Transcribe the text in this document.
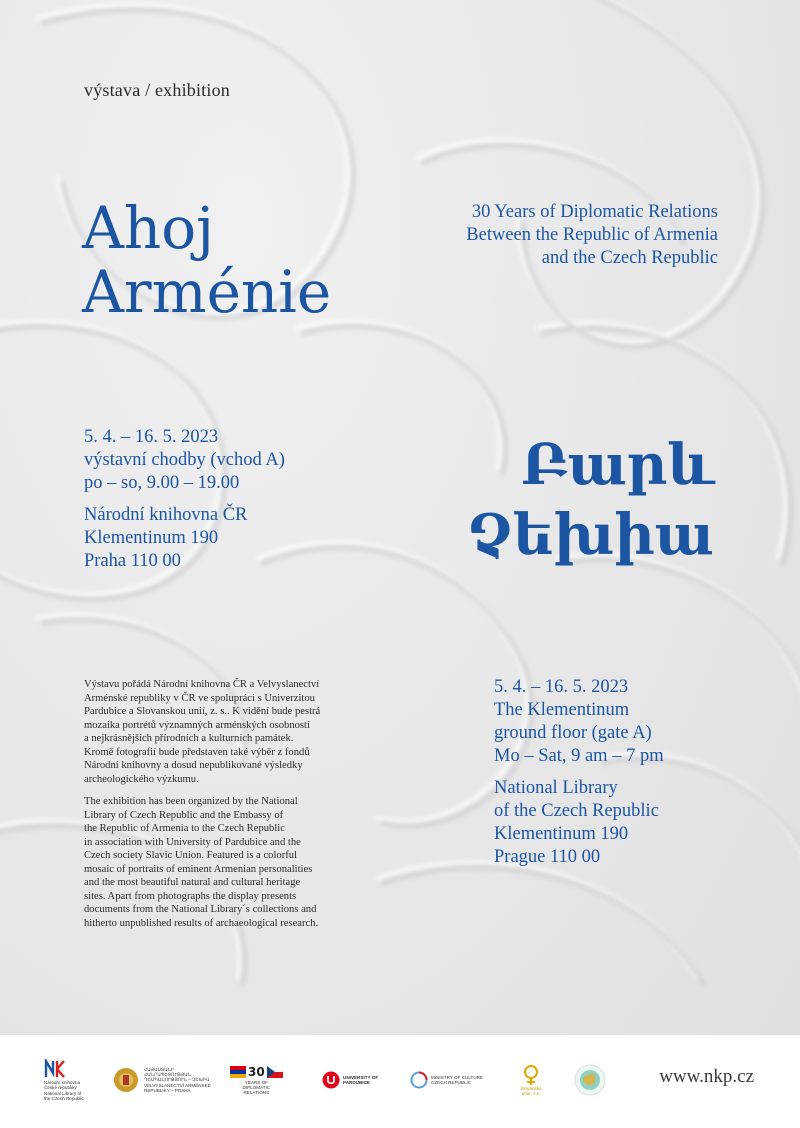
výstava / exhibition

Ahoj
Arménie
30 Years of Diplomatic Relations
Between the Republic of Armenia
and the Czech Republic
5. 4. – 16. 5. 2023
výstavní chodby (vchod A)
po – so, 9.00 – 19.00
Národní knihovna ČR
Klementinum 190
Praha 110 00
Բարև
Չեխիա
Výstavu pořádá Národní knihovna ČR a Velvyslanectví
Arménské republiky v ČR ve spolupráci s Univerzitou
Pardubice a Slovanskou unií, z. s.. K vidění bude pestrá
mozaika portrétů významných arménských osobností
a nejkrásnějších přírodních a kulturních památek.
Kromě fotografií bude představen také výběr z fondů
Národní knihovny a dosud nepublikované výsledky
archeologického výzkumu.
The exhibition has been organized by the National
Library of Czech Republic and the Embassy of
the Republic of Armenia to the Czech Republic
in association with University of Pardubice and the
Czech society Slavic Union. Featured is a colorful
mosaic of portraits of eminent Armenian personalities
and the most beautiful natural and cultural heritage
sites. Apart from photographs the display presents
documents from the National Library´s collections and
hitherto unpublished results of archaeological research.
5. 4. – 16. 5. 2023
The Klementinum
ground floor (gate A)
Mo – Sat, 9 am – 7 pm
National Library
of the Czech Republic
Klementinum 190
Prague 110 00
Národní knihovna České republiky National Library of the Czech Republic
ՀԱՅԱՍՏԱՆԻ ՀԱՆՐԱՊԵՏՈՒԹՅԱՆ ԴԵՍՊԱՆՈՒԹՅՈՒՆ – ՉԵԽԻԱ VELVYSLANECTVÍ ARMÉNSKÉ REPUBLIKY – PRAHA
30
YEARS OF DIPLOMATIC RELATIONS
UNIVERSITY OF PARDUBICE
MINISTRY OF CULTURE CZECH REPUBLIC
Slovanská unie, z.s.
www.nkp.cz
